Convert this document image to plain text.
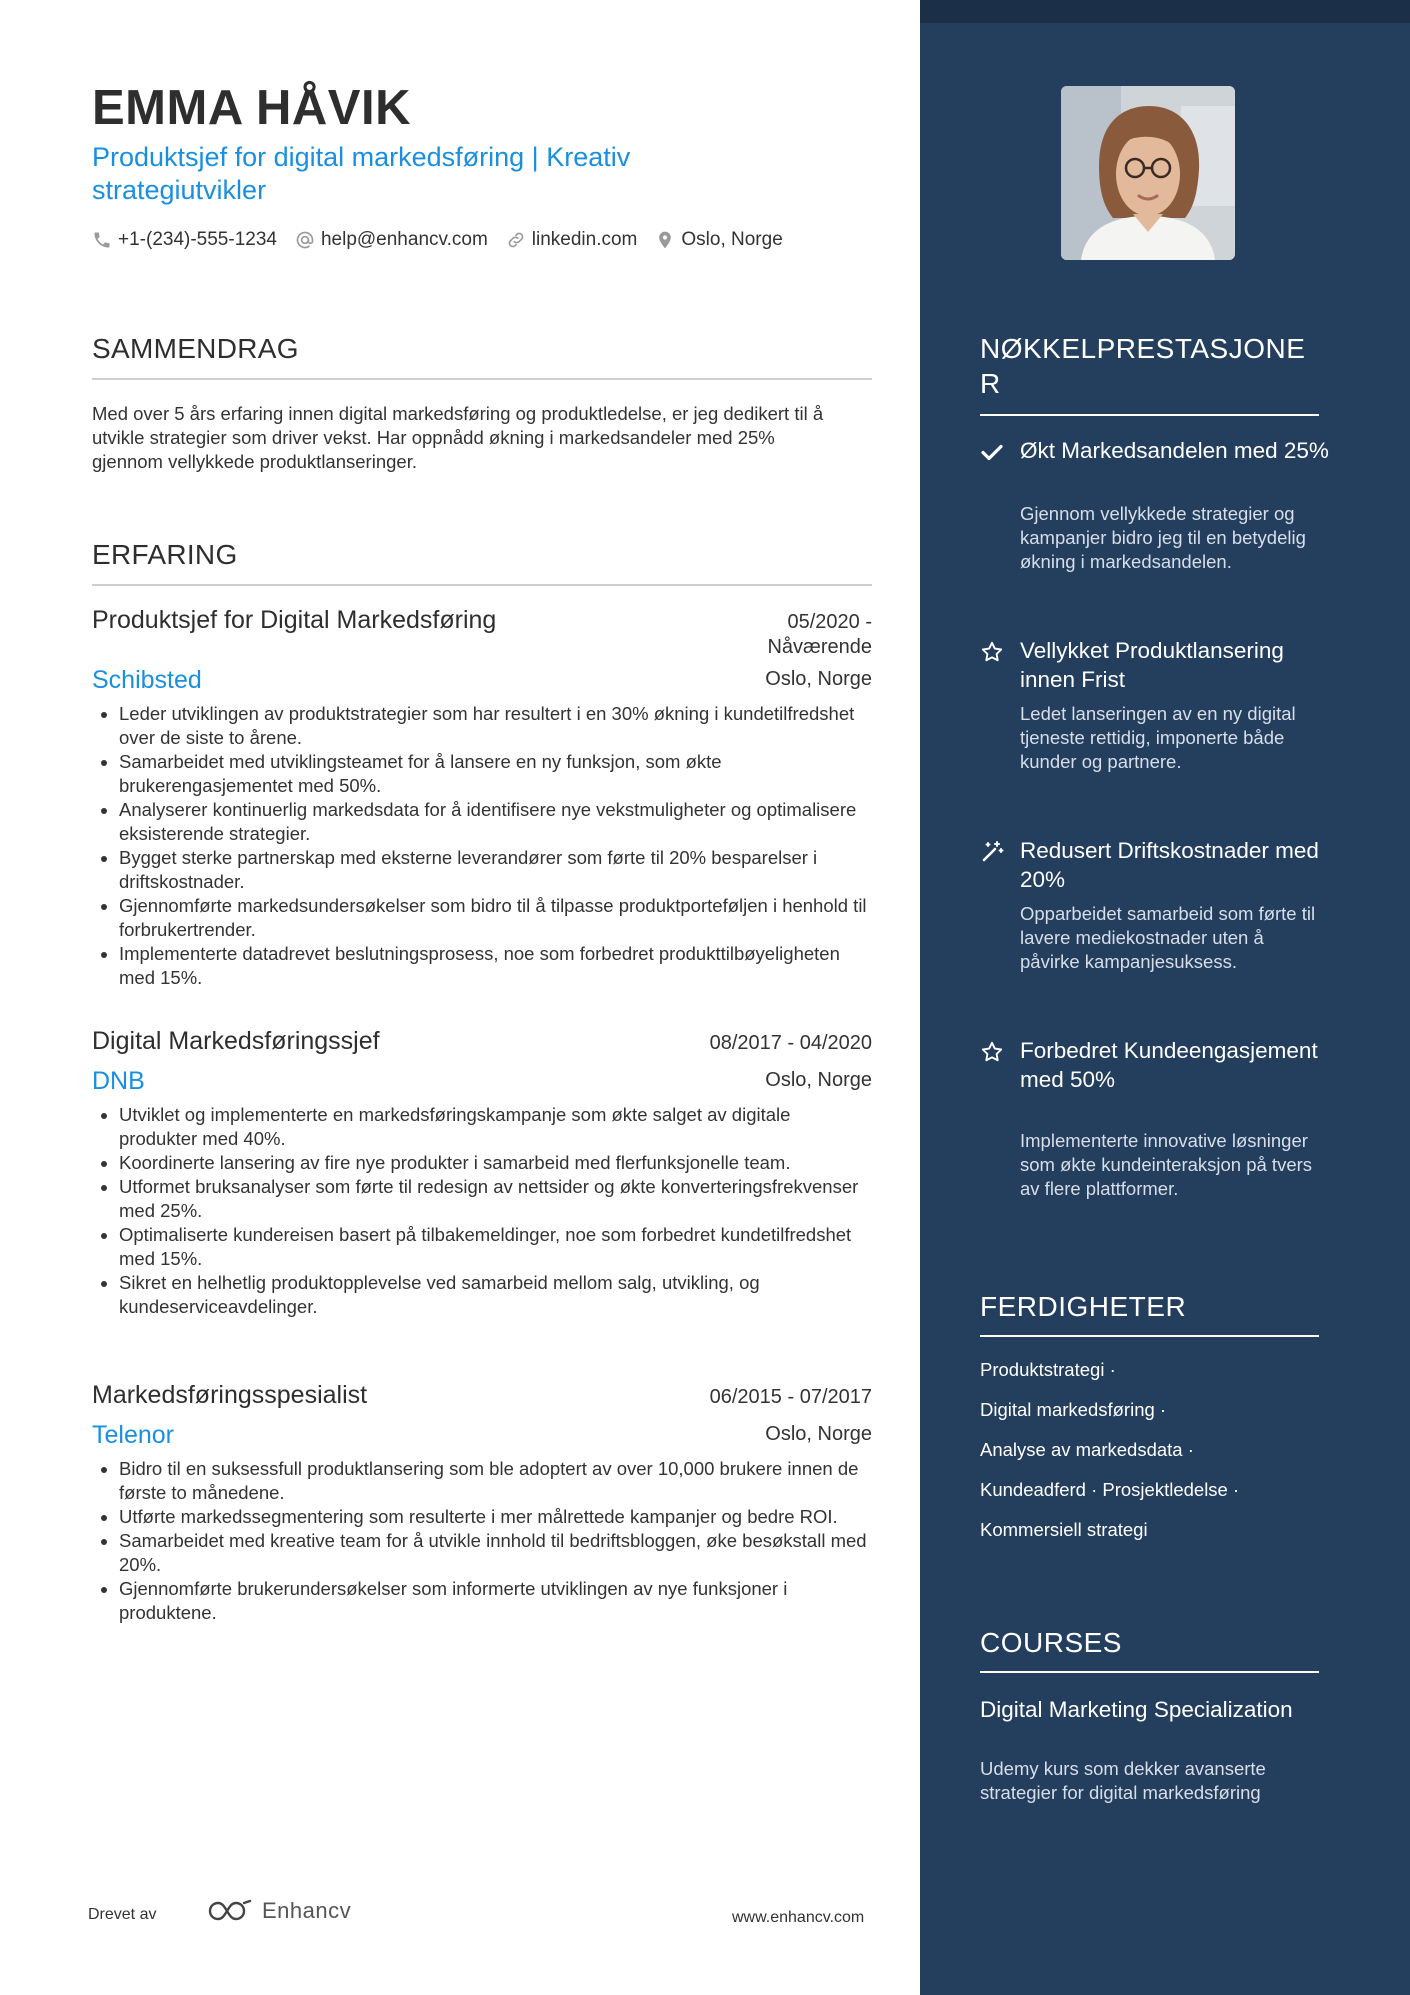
EMMA HÅVIK
Produktsjef for digital markedsføring | Kreativ strategiutvikler
+1-(234)-555-1234 help@enhancv.com linkedin.com Oslo, Norge
SAMMENDRAG
Med over 5 års erfaring innen digital markedsføring og produktledelse, er jeg dedikert til å utvikle strategier som driver vekst. Har oppnådd økning i markedsandeler med 25% gjennom vellykkede produktlanseringer.
ERFARING
Produktsjef for Digital Markedsføring	05/2020 -
Nåværende
Schibsted	Oslo, Norge
• Leder utviklingen av produktstrategier som har resultert i en 30% økning i kundetilfredshet over de siste to årene.
• Samarbeidet med utviklingsteamet for å lansere en ny funksjon, som økte brukerengasjementet med 50%.
• Analyserer kontinuerlig markedsdata for å identifisere nye vekstmuligheter og optimalisere eksisterende strategier.
• Bygget sterke partnerskap med eksterne leverandører som førte til 20% besparelser i driftskostnader.
• Gjennomførte markedsundersøkelser som bidro til å tilpasse produktporteføljen i henhold til forbrukertrender.
• Implementerte datadrevet beslutningsprosess, noe som forbedret produkttilbøyeligheten med 15%.
Digital Markedsføringssjef	08/2017 - 04/2020
DNB	Oslo, Norge
• Utviklet og implementerte en markedsføringskampanje som økte salget av digitale produkter med 40%.
• Koordinerte lansering av fire nye produkter i samarbeid med flerfunksjonelle team.
• Utformet bruksanalyser som førte til redesign av nettsider og økte konverteringsfrekvenser med 25%.
• Optimaliserte kundereisen basert på tilbakemeldinger, noe som forbedret kundetilfredshet med 15%.
• Sikret en helhetlig produktopplevelse ved samarbeid mellom salg, utvikling, og kundeserviceavdelinger.
Markedsføringsspesialist	06/2015 - 07/2017
Telenor	Oslo, Norge
• Bidro til en suksessfull produktlansering som ble adoptert av over 10,000 brukere innen de første to månedene.
• Utførte markedssegmentering som resulterte i mer målrettede kampanjer og bedre ROI.
• Samarbeidet med kreative team for å utvikle innhold til bedriftsbloggen, øke besøkstall med 20%.
• Gjennomførte brukerundersøkelser som informerte utviklingen av nye funksjoner i produktene.
Drevet av	Enhancv	www.enhancv.com
NØKKELPRESTASJONE
R
Økt Markedsandelen med 25%
Gjennom vellykkede strategier og kampanjer bidro jeg til en betydelig økning i markedsandelen.
Vellykket Produktlansering innen Frist
Ledet lanseringen av en ny digital tjeneste rettidig, imponerte både kunder og partnere.
Redusert Driftskostnader med 20%
Opparbeidet samarbeid som førte til lavere mediekostnader uten å påvirke kampanjesuksess.
Forbedret Kundeengasjement med 50%
Implementerte innovative løsninger som økte kundeinteraksjon på tvers av flere plattformer.
FERDIGHETER
Produktstrategi ·
Digital markedsføring ·
Analyse av markedsdata ·
Kundeadferd · Prosjektledelse ·
Kommersiell strategi
COURSES
Digital Marketing Specialization
Udemy kurs som dekker avanserte strategier for digital markedsføring
